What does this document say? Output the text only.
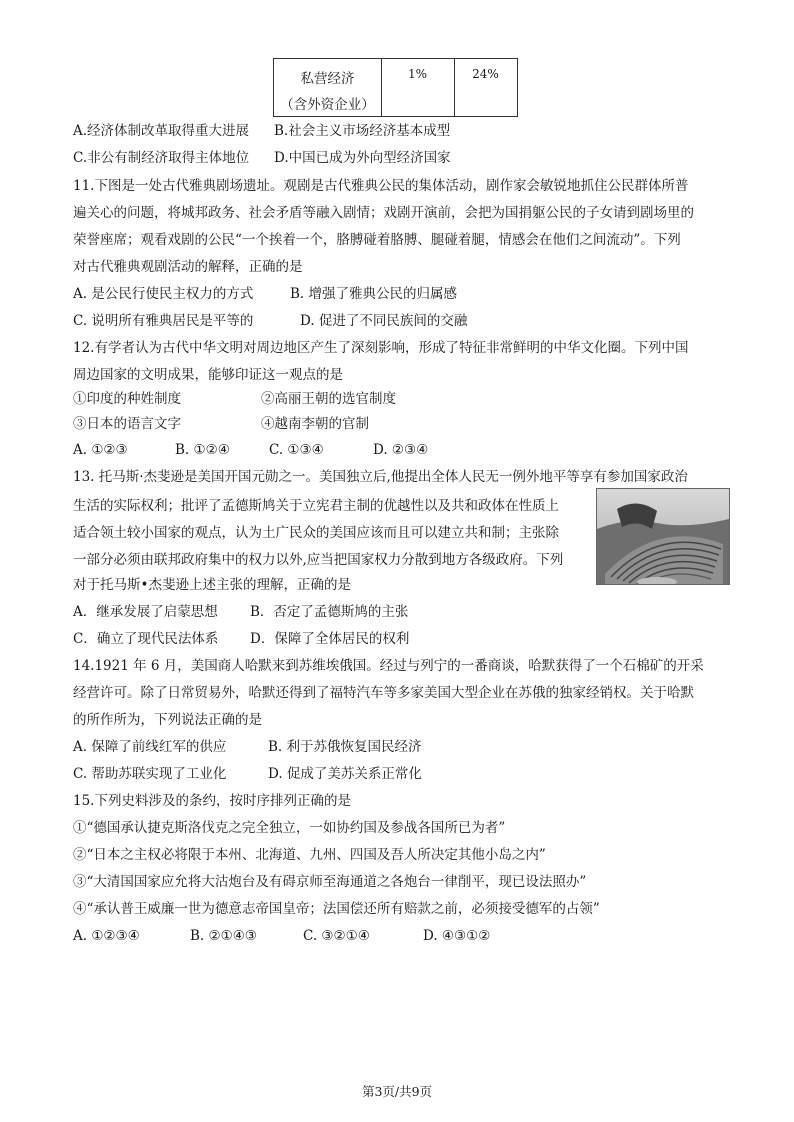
私营经济
（含外资企业）
1%	24%
A.经济体制改革取得重大进展 B.社会主义市场经济基本成型
C.非公有制经济取得主体地位 D.中国已成为外向型经济国家
11.下图是一处古代雅典剧场遗址。观剧是古代雅典公民的集体活动，剧作家会敏锐地抓住公民群体所普
遍关心的问题，将城邦政务、社会矛盾等融入剧情；戏剧开演前，会把为国捐躯公民的子女请到剧场里的
荣誉座席；观看戏剧的公民“一个挨着一个，胳膊碰着胳膊、腿碰着腿，情感会在他们之间流动”。下列
对古代雅典观剧活动的解释，正确的是
A. 是公民行使民主权力的方式	B. 增强了雅典公民的归属感
C. 说明所有雅典居民是平等的	D. 促进了不同民族间的交融
12.有学者认为古代中华文明对周边地区产生了深刻影响，形成了特征非常鲜明的中华文化圈。下列中国
周边国家的文明成果，能够印证这一观点的是
①印度的种姓制度	②高丽王朝的选官制度
③日本的语言文字	④越南李朝的官制
A. ①②③	B. ①②④	C. ①③④	D. ②③④
13. 托马斯·杰斐逊是美国开国元勋之一。美国独立后,他提出全体人民无一例外地平等享有参加国家政治
生活的实际权利；批评了孟德斯鸠关于立宪君主制的优越性以及共和政体在性质上
适合领土较小国家的观点，认为土广民众的美国应该而且可以建立共和制；主张除
一部分必须由联邦政府集中的权力以外,应当把国家权力分散到地方各级政府。下列
对于托马斯•杰斐逊上述主张的理解，正确的是
A．继承发展了启蒙思想 B．否定了孟德斯鸠的主张
C．确立了现代民法体系 D．保障了全体居民的权利
14.1921 年 6 月，美国商人哈默来到苏维埃俄国。经过与列宁的一番商谈，哈默获得了一个石棉矿的开采
经营许可。除了日常贸易外，哈默还得到了福特汽车等多家美国大型企业在苏俄的独家经销权。关于哈默
的所作所为，下列说法正确的是
A. 保障了前线红军的供应	B. 利于苏俄恢复国民经济
C. 帮助苏联实现了工业化	D. 促成了美苏关系正常化
15.下列史料涉及的条约，按时序排列正确的是
①“德国承认捷克斯洛伐克之完全独立，一如协约国及参战各国所已为者”
②“日本之主权必将限于本州、北海道、九州、四国及吾人所决定其他小岛之内”
③“大清国国家应允将大沽炮台及有碍京师至海通道之各炮台一律削平，现已设法照办”
④“承认普王威廉一世为德意志帝国皇帝；法国偿还所有赔款之前，必须接受德军的占领”
A. ①②③④	B. ②①④③	C. ③②①④	D. ④③①②
第3页/共9页
